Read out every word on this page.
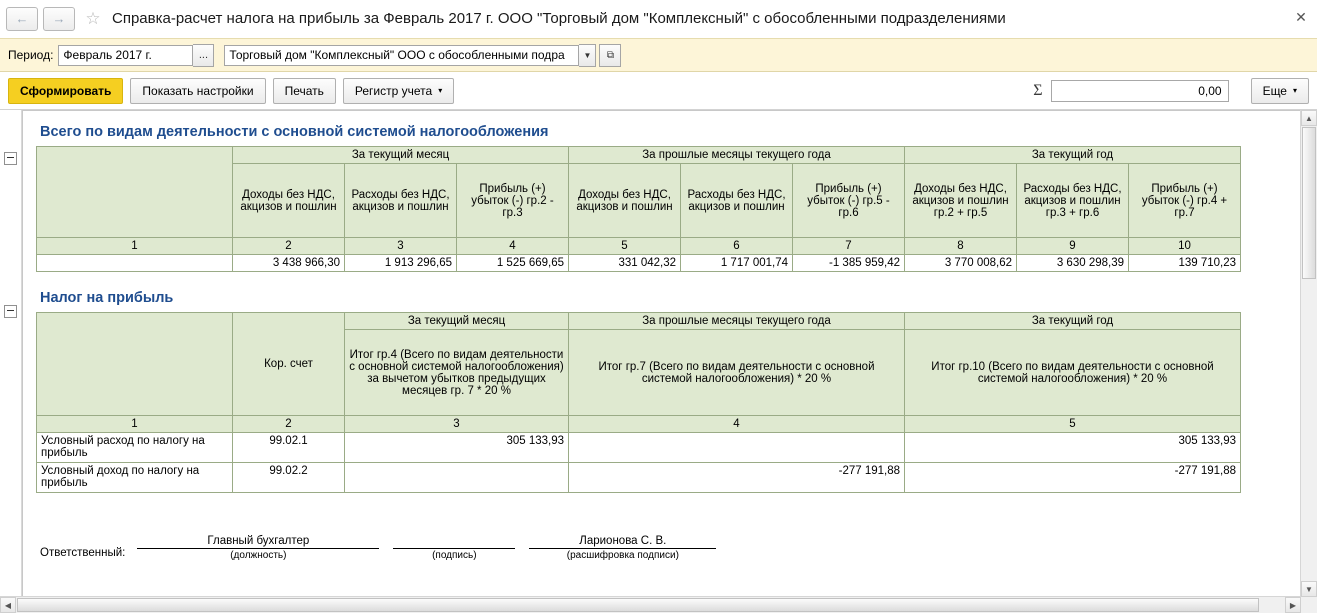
← → ☆ Справка-расчет налога на прибыль за Февраль 2017 г. ООО "Торговый дом "Комплексный" с обособленными подразделениями	✕
Период: Февраль 2017 г.	... Торговый дом "Комплексный" ООО с обособленными подра ▼ ⧉
Сформировать	Показать настройки	Печать	Регистр учета ▾	Σ	0,00	Еще ▾
Всего по видам деятельности с основной системой налогообложения
	За текущий месяц			За прошлые месяцы текущего года			За текущий год		
	Доходы без НДС, акцизов и пошлин	Расходы без НДС, акцизов и пошлин	Прибыль (+) убыток (-) гр.2 - гр.3	Доходы без НДС, акцизов и пошлин	Расходы без НДС, акцизов и пошлин	Прибыль (+) убыток (-) гр.5 - гр.6	Доходы без НДС, акцизов и пошлин гр.2 + гр.5	Расходы без НДС, акцизов и пошлин гр.3 + гр.6	Прибыль (+) убыток (-) гр.4 + гр.7
1	2	3	4	5	6	7	8	9	10
	3 438 966,30	1 913 296,65	1 525 669,65	331 042,32	1 717 001,74	-1 385 959,42	3 770 008,62	3 630 298,39	139 710,23
Налог на прибыль
	Кор. счет	За текущий месяц	За прошлые месяцы текущего года	За текущий год
		Итог гр.4 (Всего по видам деятельности с основной системой налогообложения) за вычетом убытков предыдущих месяцев гр. 7 * 20 %	Итог гр.7 (Всего по видам деятельности с основной системой налогообложения) * 20 %	Итог гр.10 (Всего по видам деятельности с основной системой налогообложения) * 20 %
1	2	3	4	5
Условный расход по налогу на прибыль	99.02.1	305 133,93		305 133,93
Условный доход по налогу на прибыль	99.02.2		-277 191,88	-277 191,88
Ответственный:
Главный бухгалтер
(должность)	(подпись)
Ларионова С. В.
(расшифровка подписи)
▲
▼
◀	▶
